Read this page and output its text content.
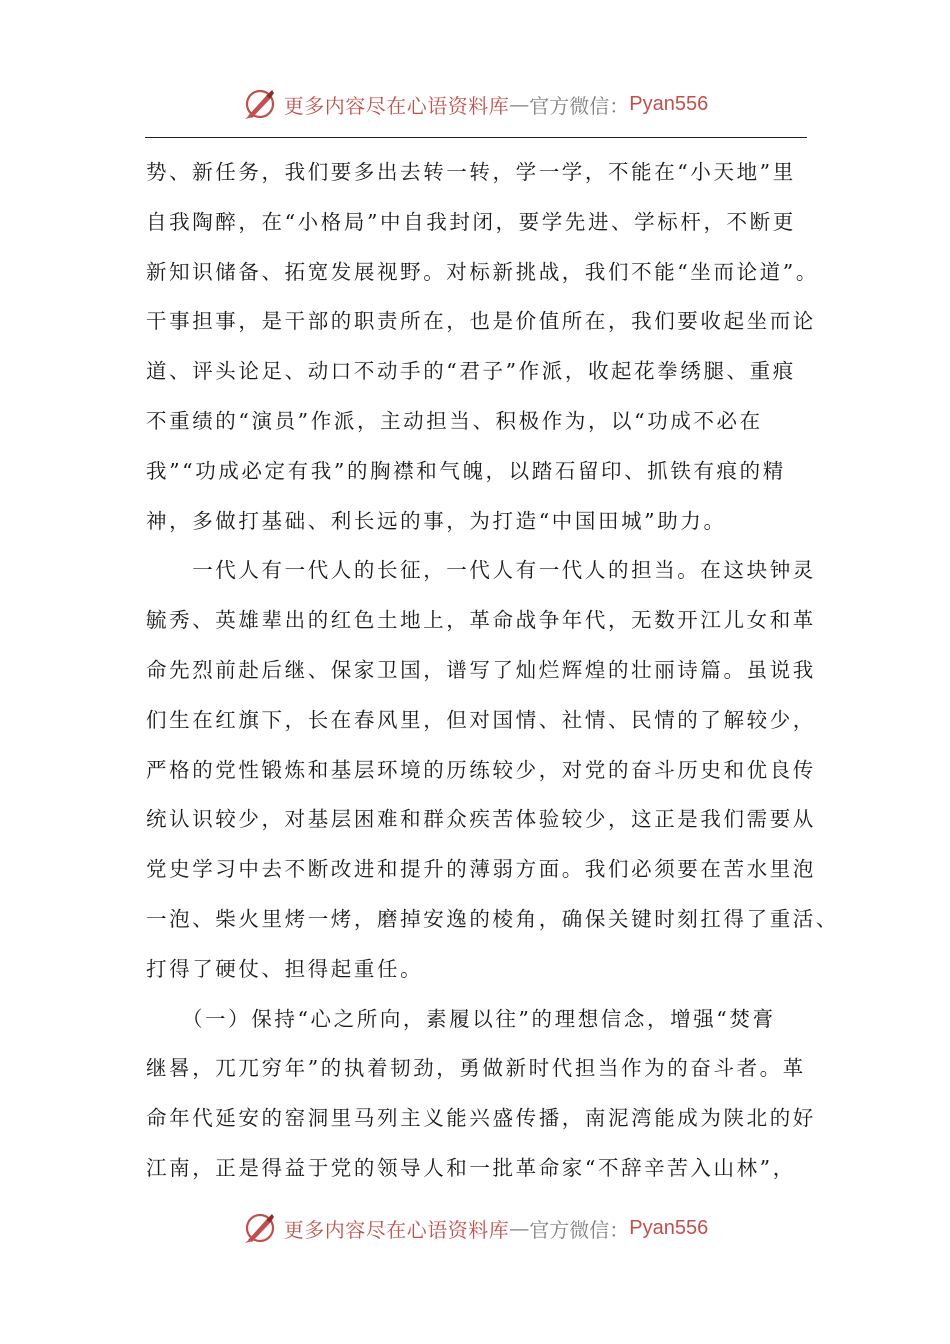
更多内容尽在心语资料库 — 官方微信： Pyan556
势、新任务，我们要多出去转一转，学一学，不能在“小天地”里
自我陶醉，在“小格局”中自我封闭，要学先进、学标杆，不断更
新知识储备、拓宽发展视野。对标新挑战，我们不能“坐而论道”。
干事担事，是干部的职责所在，也是价值所在，我们要收起坐而论
道、评头论足、动口不动手的“君子”作派，收起花拳绣腿、重痕
不重绩的“演员”作派，主动担当、积极作为，以“功成不必在
我”“功成必定有我”的胸襟和气魄，以踏石留印、抓铁有痕的精
神，多做打基础、利长远的事，为打造“中国田城”助力。
　　一代人有一代人的长征，一代人有一代人的担当。在这块钟灵
毓秀、英雄辈出的红色土地上，革命战争年代，无数开江儿女和革
命先烈前赴后继、保家卫国，谱写了灿烂辉煌的壮丽诗篇。虽说我
们生在红旗下，长在春风里，但对国情、社情、民情的了解较少，
严格的党性锻炼和基层环境的历练较少，对党的奋斗历史和优良传
统认识较少，对基层困难和群众疾苦体验较少，这正是我们需要从
党史学习中去不断改进和提升的薄弱方面。我们必须要在苦水里泡
一泡、柴火里烤一烤，磨掉安逸的棱角，确保关键时刻扛得了重活、
打得了硬仗、担得起重任。
　　（一）保持“心之所向，素履以往”的理想信念，增强“焚膏
继晷，兀兀穷年”的执着韧劲，勇做新时代担当作为的奋斗者。革
命年代延安的窑洞里马列主义能兴盛传播，南泥湾能成为陕北的好
江南，正是得益于党的领导人和一批革命家“不辞辛苦入山林”，
更多内容尽在心语资料库 — 官方微信： Pyan556
